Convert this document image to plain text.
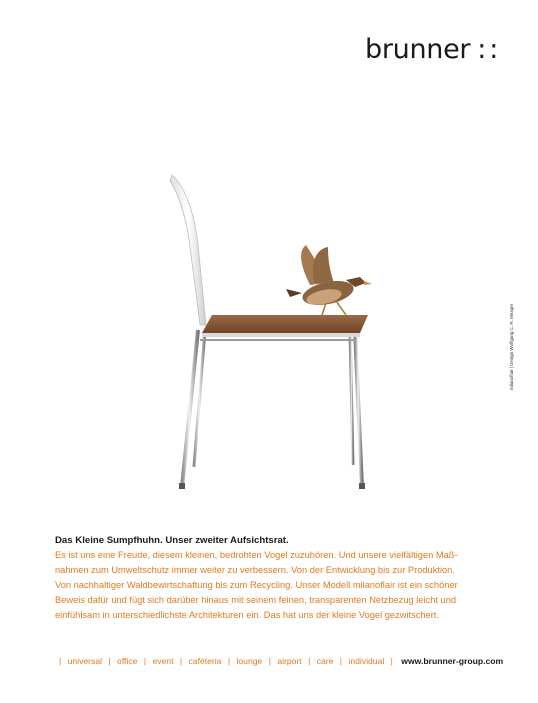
brunner ::
milanoflair | Design Wolfgang C. R. Mezger
Das Kleine Sumpfhuhn. Unser zweiter Aufsichtsrat.
Es ist uns eine Freude, diesem kleinen, bedrohten Vogel zuzuhören. Und unsere vielfältigen Maß-
nahmen zum Umweltschutz immer weiter zu verbessern. Von der Entwicklung bis zur Produktion.
Von nachhaltiger Waldbewirtschaftung bis zum Recycling. Unser Modell milanoflair ist ein schöner
Beweis dafür und fügt sich darüber hinaus mit seinem feinen, transparenten Netzbezug leicht und
einfühlsam in unterschiedlichste Architekturen ein. Das hat uns der kleine Vogel gezwitschert.
| universal | office | event | caféteria | lounge | airport | care | individual | www.brunner-group.com
